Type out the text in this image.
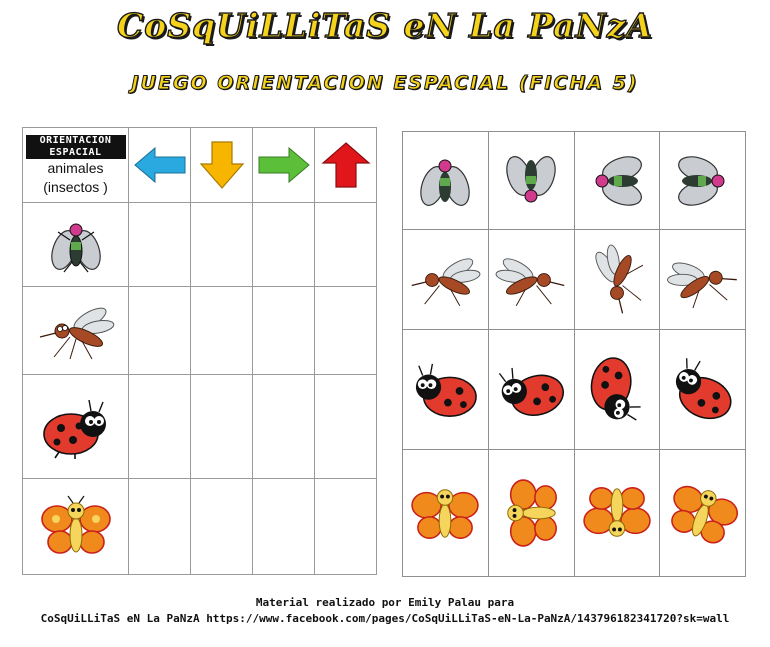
CoSqUiLLiTaS eN La PaNzA
JUEGO ORIENTACION ESPACIAL (FICHA 5)
ORIENTACION ESPACIAL
animales
(insectos )

Material realizado por Emily Palau para
CoSqUiLLiTaS eN La PaNzA https://www.facebook.com/pages/CoSqUiLLiTaS-eN-La-PaNzA/143796182341720?sk=wall
